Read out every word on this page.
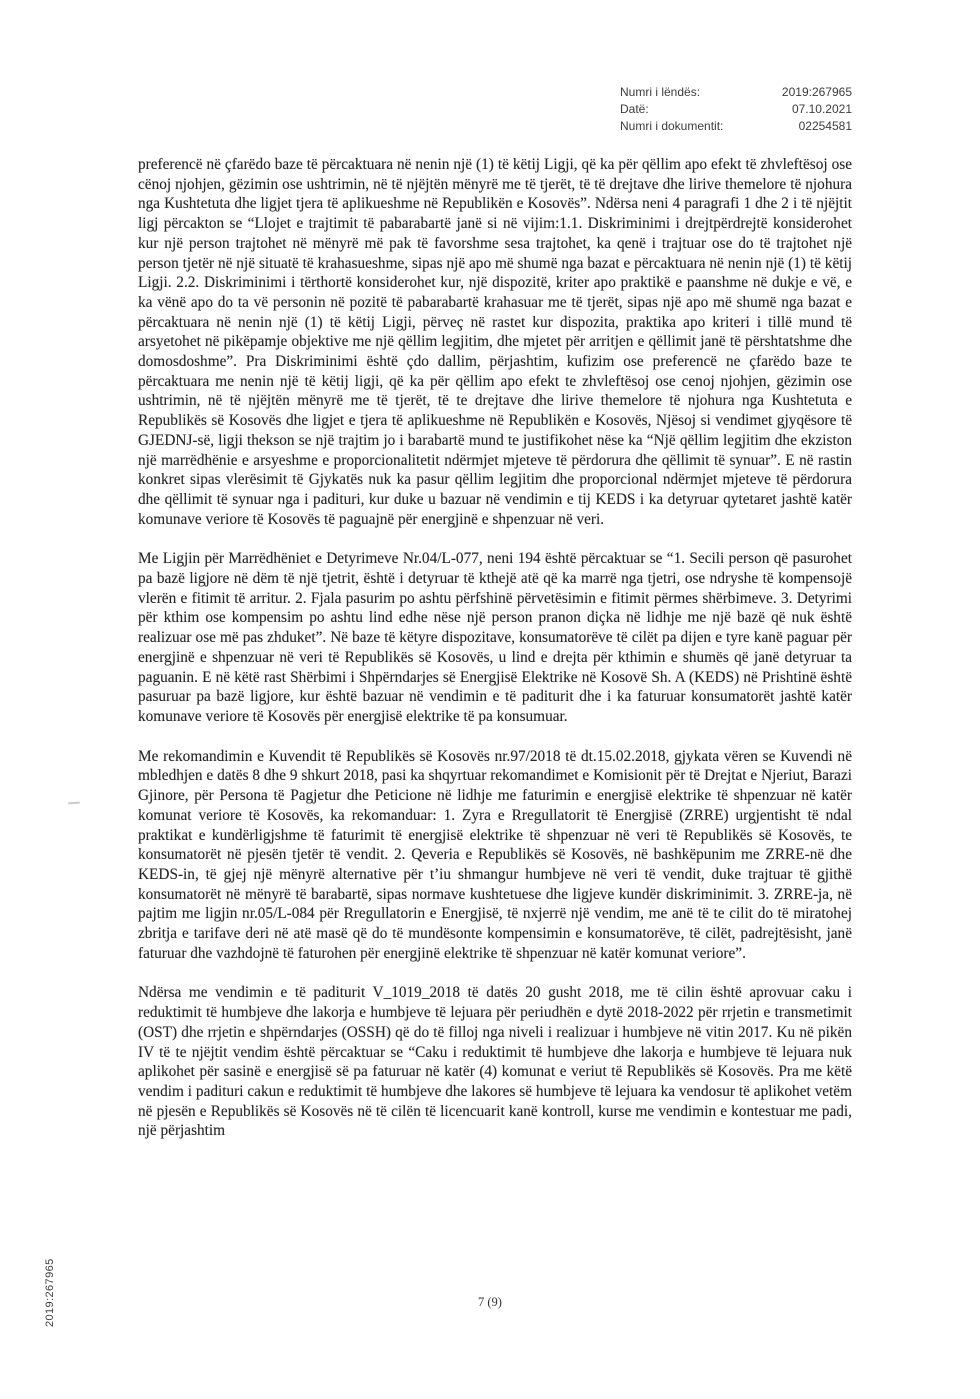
Numri i lëndës:	2019:267965
Datë:	07.10.2021
Numri i dokumentit:	02254581

preferencë në çfarëdo baze të përcaktuara në nenin një (1) të këtij Ligji, që ka për qëllim apo efekt të zhvleftësoj ose cënoj njohjen, gëzimin ose ushtrimin, në të njëjtën mënyrë me të tjerët, të të drejtave dhe lirive themelore të njohura nga Kushtetuta dhe ligjet tjera të aplikueshme në Republikën e Kosovës”. Ndërsa neni 4 paragrafi 1 dhe 2 i të njëjtit ligj përcakton se “Llojet e trajtimit të pabarabartë janë si në vijim:1.1. Diskriminimi i drejtpërdrejtë konsiderohet kur një person trajtohet në mënyrë më pak të favorshme sesa trajtohet, ka qenë i trajtuar ose do të trajtohet një person tjetër në një situatë të krahasueshme, sipas një apo më shumë nga bazat e përcaktuara në nenin një (1) të këtij Ligji. 2.2. Diskriminimi i tërthortë konsiderohet kur, një dispozitë, kriter apo praktikë e paanshme në dukje e vë, e ka vënë apo do ta vë personin në pozitë të pabarabartë krahasuar me të tjerët, sipas një apo më shumë nga bazat e përcaktuara në nenin një (1) të këtij Ligji, përveç në rastet kur dispozita, praktika apo kriteri i tillë mund të arsyetohet në pikëpamje objektive me një qëllim legjitim, dhe mjetet për arritjen e qëllimit janë të përshtatshme dhe domosdoshme”. Pra Diskriminimi është çdo dallim, përjashtim, kufizim ose preferencë ne çfarëdo baze te përcaktuara me nenin një të këtij ligji, që ka për qëllim apo efekt te zhvleftësoj ose cenoj njohjen, gëzimin ose ushtrimin, në të njëjtën mënyrë me të tjerët, të te drejtave dhe lirive themelore të njohura nga Kushtetuta e Republikës së Kosovës dhe ligjet e tjera të aplikueshme në Republikën e Kosovës, Njësoj si vendimet gjyqësore të GJEDNJ-së, ligji thekson se një trajtim jo i barabartë mund te justifikohet nëse ka “Një qëllim legjitim dhe ekziston një marrëdhënie e arsyeshme e proporcionalitetit ndërmjet mjeteve të përdorura dhe qëllimit të synuar”. E në rastin konkret sipas vlerësimit të Gjykatës nuk ka pasur qëllim legjitim dhe proporcional ndërmjet mjeteve të përdorura dhe qëllimit të synuar nga i padituri, kur duke u bazuar në vendimin e tij KEDS i ka detyruar qytetaret jashtë katër komunave veriore të Kosovës të paguajnë për energjinë e shpenzuar në veri.

Me Ligjin për Marrëdhëniet e Detyrimeve Nr.04/L-077, neni 194 është përcaktuar se “1. Secili person që pasurohet pa bazë ligjore në dëm të një tjetrit, është i detyruar të kthejë atë që ka marrë nga tjetri, ose ndryshe të kompensojë vlerën e fitimit të arritur. 2. Fjala pasurim po ashtu përfshinë përvetësimin e fitimit përmes shërbimeve. 3. Detyrimi për kthim ose kompensim po ashtu lind edhe nëse një person pranon diçka në lidhje me një bazë që nuk është realizuar ose më pas zhduket”. Në baze të këtyre dispozitave, konsumatorëve të cilët pa dijen e tyre kanë paguar për energjinë e shpenzuar në veri të Republikës së Kosovës, u lind e drejta për kthimin e shumës që janë detyruar ta paguanin. E në këtë rast Shërbimi i Shpërndarjes së Energjisë Elektrike në Kosovë Sh. A (KEDS) në Prishtinë është pasuruar pa bazë ligjore, kur është bazuar në vendimin e të paditurit dhe i ka faturuar konsumatorët jashtë katër komunave veriore të Kosovës për energjisë elektrike të pa konsumuar.

Me rekomandimin e Kuvendit të Republikës së Kosovës nr.97/2018 të dt.15.02.2018, gjykata vëren se Kuvendi në mbledhjen e datës 8 dhe 9 shkurt 2018, pasi ka shqyrtuar rekomandimet e Komisionit për të Drejtat e Njeriut, Barazi Gjinore, për Persona të Pagjetur dhe Peticione në lidhje me faturimin e energjisë elektrike të shpenzuar në katër komunat veriore të Kosovës, ka rekomanduar: 1. Zyra e Rregullatorit të Energjisë (ZRRE) urgjentisht të ndal praktikat e kundërligjshme të faturimit të energjisë elektrike të shpenzuar në veri të Republikës së Kosovës, te konsumatorët në pjesën tjetër të vendit. 2. Qeveria e Republikës së Kosovës, në bashkëpunim me ZRRE-në dhe KEDS-in, të gjej një mënyrë alternative për t’iu shmangur humbjeve në veri të vendit, duke trajtuar të gjithë konsumatorët në mënyrë të barabartë, sipas normave kushtetuese dhe ligjeve kundër diskriminimit. 3. ZRRE-ja, në pajtim me ligjin nr.05/L-084 për Rregullatorin e Energjisë, të nxjerrë një vendim, me anë të te cilit do të miratohej zbritja e tarifave deri në atë masë që do të mundësonte kompensimin e konsumatorëve, të cilët, padrejtësisht, janë faturuar dhe vazhdojnë të faturohen për energjinë elektrike të shpenzuar në katër komunat veriore”.

Ndërsa me vendimin e të paditurit V_1019_2018 të datës 20 gusht 2018, me të cilin është aprovuar caku i reduktimit të humbjeve dhe lakorja e humbjeve të lejuara për periudhën e dytë 2018-2022 për rrjetin e transmetimit (OST) dhe rrjetin e shpërndarjes (OSSH) që do të filloj nga niveli i realizuar i humbjeve në vitin 2017. Ku në pikën IV të te njëjtit vendim është përcaktuar se “Caku i reduktimit të humbjeve dhe lakorja e humbjeve të lejuara nuk aplikohet për sasinë e energjisë së pa faturuar në katër (4) komunat e veriut të Republikës së Kosovës. Pra me këtë vendim i padituri cakun e reduktimit të humbjeve dhe lakores së humbjeve të lejuara ka vendosur të aplikohet vetëm në pjesën e Republikës së Kosovës në të cilën të licencuarit kanë kontroll, kurse me vendimin e kontestuar me padi, një përjashtim

2019:267965	7 (9)
